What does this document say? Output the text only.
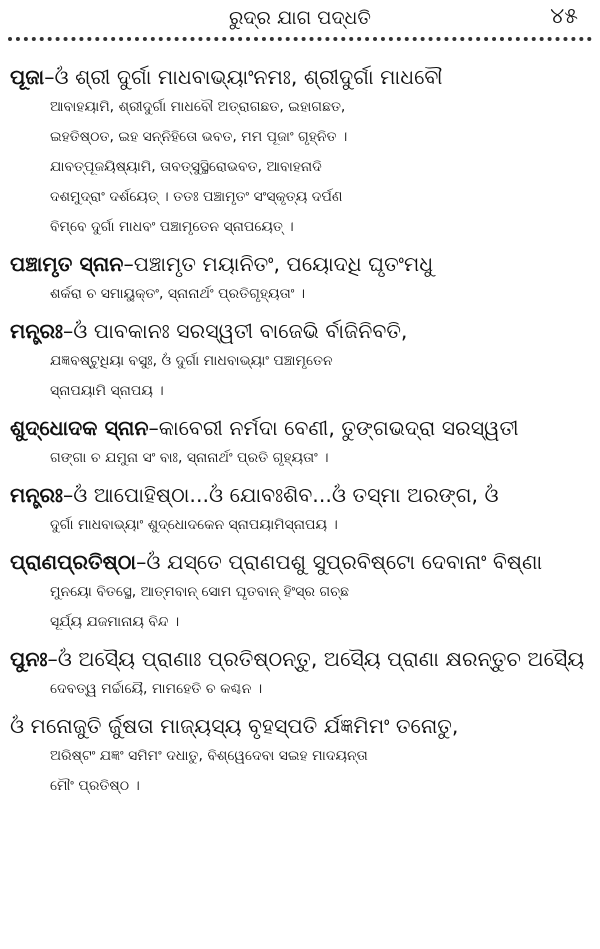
ରୁଦ୍ର ଯାଗ ପଦ୍ଧତି	୪୫
ପୂଜା–ଓଁ ଶ୍ରୀ ଦୁର୍ଗା ମାଧବାଭ୍ୟାଂନମଃ, ଶ୍ରୀଦୁର୍ଗା ମାଧବୌ
ଆବାହୟାମି, ଶ୍ରୀଦୁର୍ଗା ମାଧବୌ ଅତ୍ରାଗଛତ, ଇହାଗଛତ,
ଇହତିଷ୍ଠତ, ଇହ ସନ୍ନିହିତୋ ଭବତ, ମମ ପୂଜାଂ ଗୃହ୍ନିତ ।
ଯାବତ୍ପୂଜୟିଷ୍ୟାମି, ତାବତ୍ସୁସ୍ଥିରୋଭବତ, ଆବାହନାଦି
ଦଶମୁଦ୍ରାଂ ଦର୍ଶୟେତ୍ । ତତଃ ପଞ୍ଚାମୃତଂ ସଂସ୍କୃତ୍ୟ ଦର୍ପଣ
ବିମ୍ବେ ଦୁର୍ଗା ମାଧବଂ ପଞ୍ଚାମୃତେନ ସ୍ନାପୟେତ୍ ।
ପଞ୍ଚାମୃତ ସ୍ନାନ–ପଞ୍ଚାମୃତ ମୟାନିତଂ, ପୟୋଦଧି ଘୃତଂମଧୁ
ଶର୍କରା ଚ ସମାୟୁକ୍ତଂ, ସ୍ନାନାର୍ଥଂ ପ୍ରତିଗୃହ୍ୟତାଂ ।
ମନ୍ତ୍ରଃ–ଓଁ ପାବକାନଃ ସରସ୍ୱତୀ ବାଜେଭି ର୍ବାଜିନିବତି,
ଯଜ୍ଞବଷ୍ଟୁଧିୟା ବସୁଃ, ଓଁ ଦୁର୍ଗା ମାଧବାଭ୍ୟାଂ ପଞ୍ଚାମୃତେନ
ସ୍ନାପୟାମି ସ୍ନାପୟ ।
ଶୁଦ୍ଧୋଦକ ସ୍ନାନ–କାବେରୀ ନର୍ମଦା ବେଣୀ, ତୁଙ୍ଗଭଦ୍ରା ସରସ୍ୱତୀ
ଗଙ୍ଗା ଚ ଯମୁନା ସଂ ବାଃ, ସ୍ନାନାର୍ଥଂ ପ୍ରତି ଗୃହ୍ୟତାଂ ।
ମନ୍ତ୍ରଃ–ଓଁ ଆପୋହିଷ୍ଠା...ଓଁ ଯୋବଃଶିବ...ଓଁ ତସ୍ମା ଅରଙ୍ଗ, ଓଁ
ଦୁର୍ଗା ମାଧବାଭ୍ୟାଂ ଶୁଦ୍ଧୋଦକେନ ସ୍ନାପୟାମିସ୍ନାପୟ ।
ପ୍ରାଣପ୍ରତିଷ୍ଠା–ଓଁ ଯସ୍ତେ ପ୍ରାଣପଶୁ ସୁପ୍ରବିଷ୍ଟୋ ଦେବାନାଂ ବିଷ୍ଣା
ମୁନୟୋ ବିତସ୍ଥେ, ଆତ୍ମବାନ୍ ସୋମ ଘୃତବାନ୍ ହିଂସ୍ର ଗଚ୍ଛ
ସୂର୍ଯ୍ୟ ଯଜମାନାୟ ବିନ୍ଦ ।
ପୁନଃ–ଓଁ ଅସ୍ୟୈ ପ୍ରାଣାଃ ପ୍ରତିଷ୍ଠନ୍ତୁ, ଅସ୍ୟୈ ପ୍ରାଣା କ୍ଷରନ୍ତୁଚ ଅସ୍ୟୈ
ଦେବତ୍ୱ ମର୍ଚ୍ଚାୟୈ, ମାମହେତି ଚ କଶ୍ଚନ ।
ଓଁ ମନୋଜୁତି ର୍ଜୁଷତା ମାଜ୍ୟସ୍ୟ ବୃହସ୍ପତି ର୍ଯଜ୍ଞମିମଂ ତନୋତୁ,
ଅରିଷ୍ଟଂ ଯଜ୍ଞଂ ସମିମଂ ଦଧାତୁ, ବିଶ୍ୱେଦେବା ସଇହ ମାଦୟନ୍ତା
ମୌଂ ପ୍ରତିଷ୍ଠ ।
